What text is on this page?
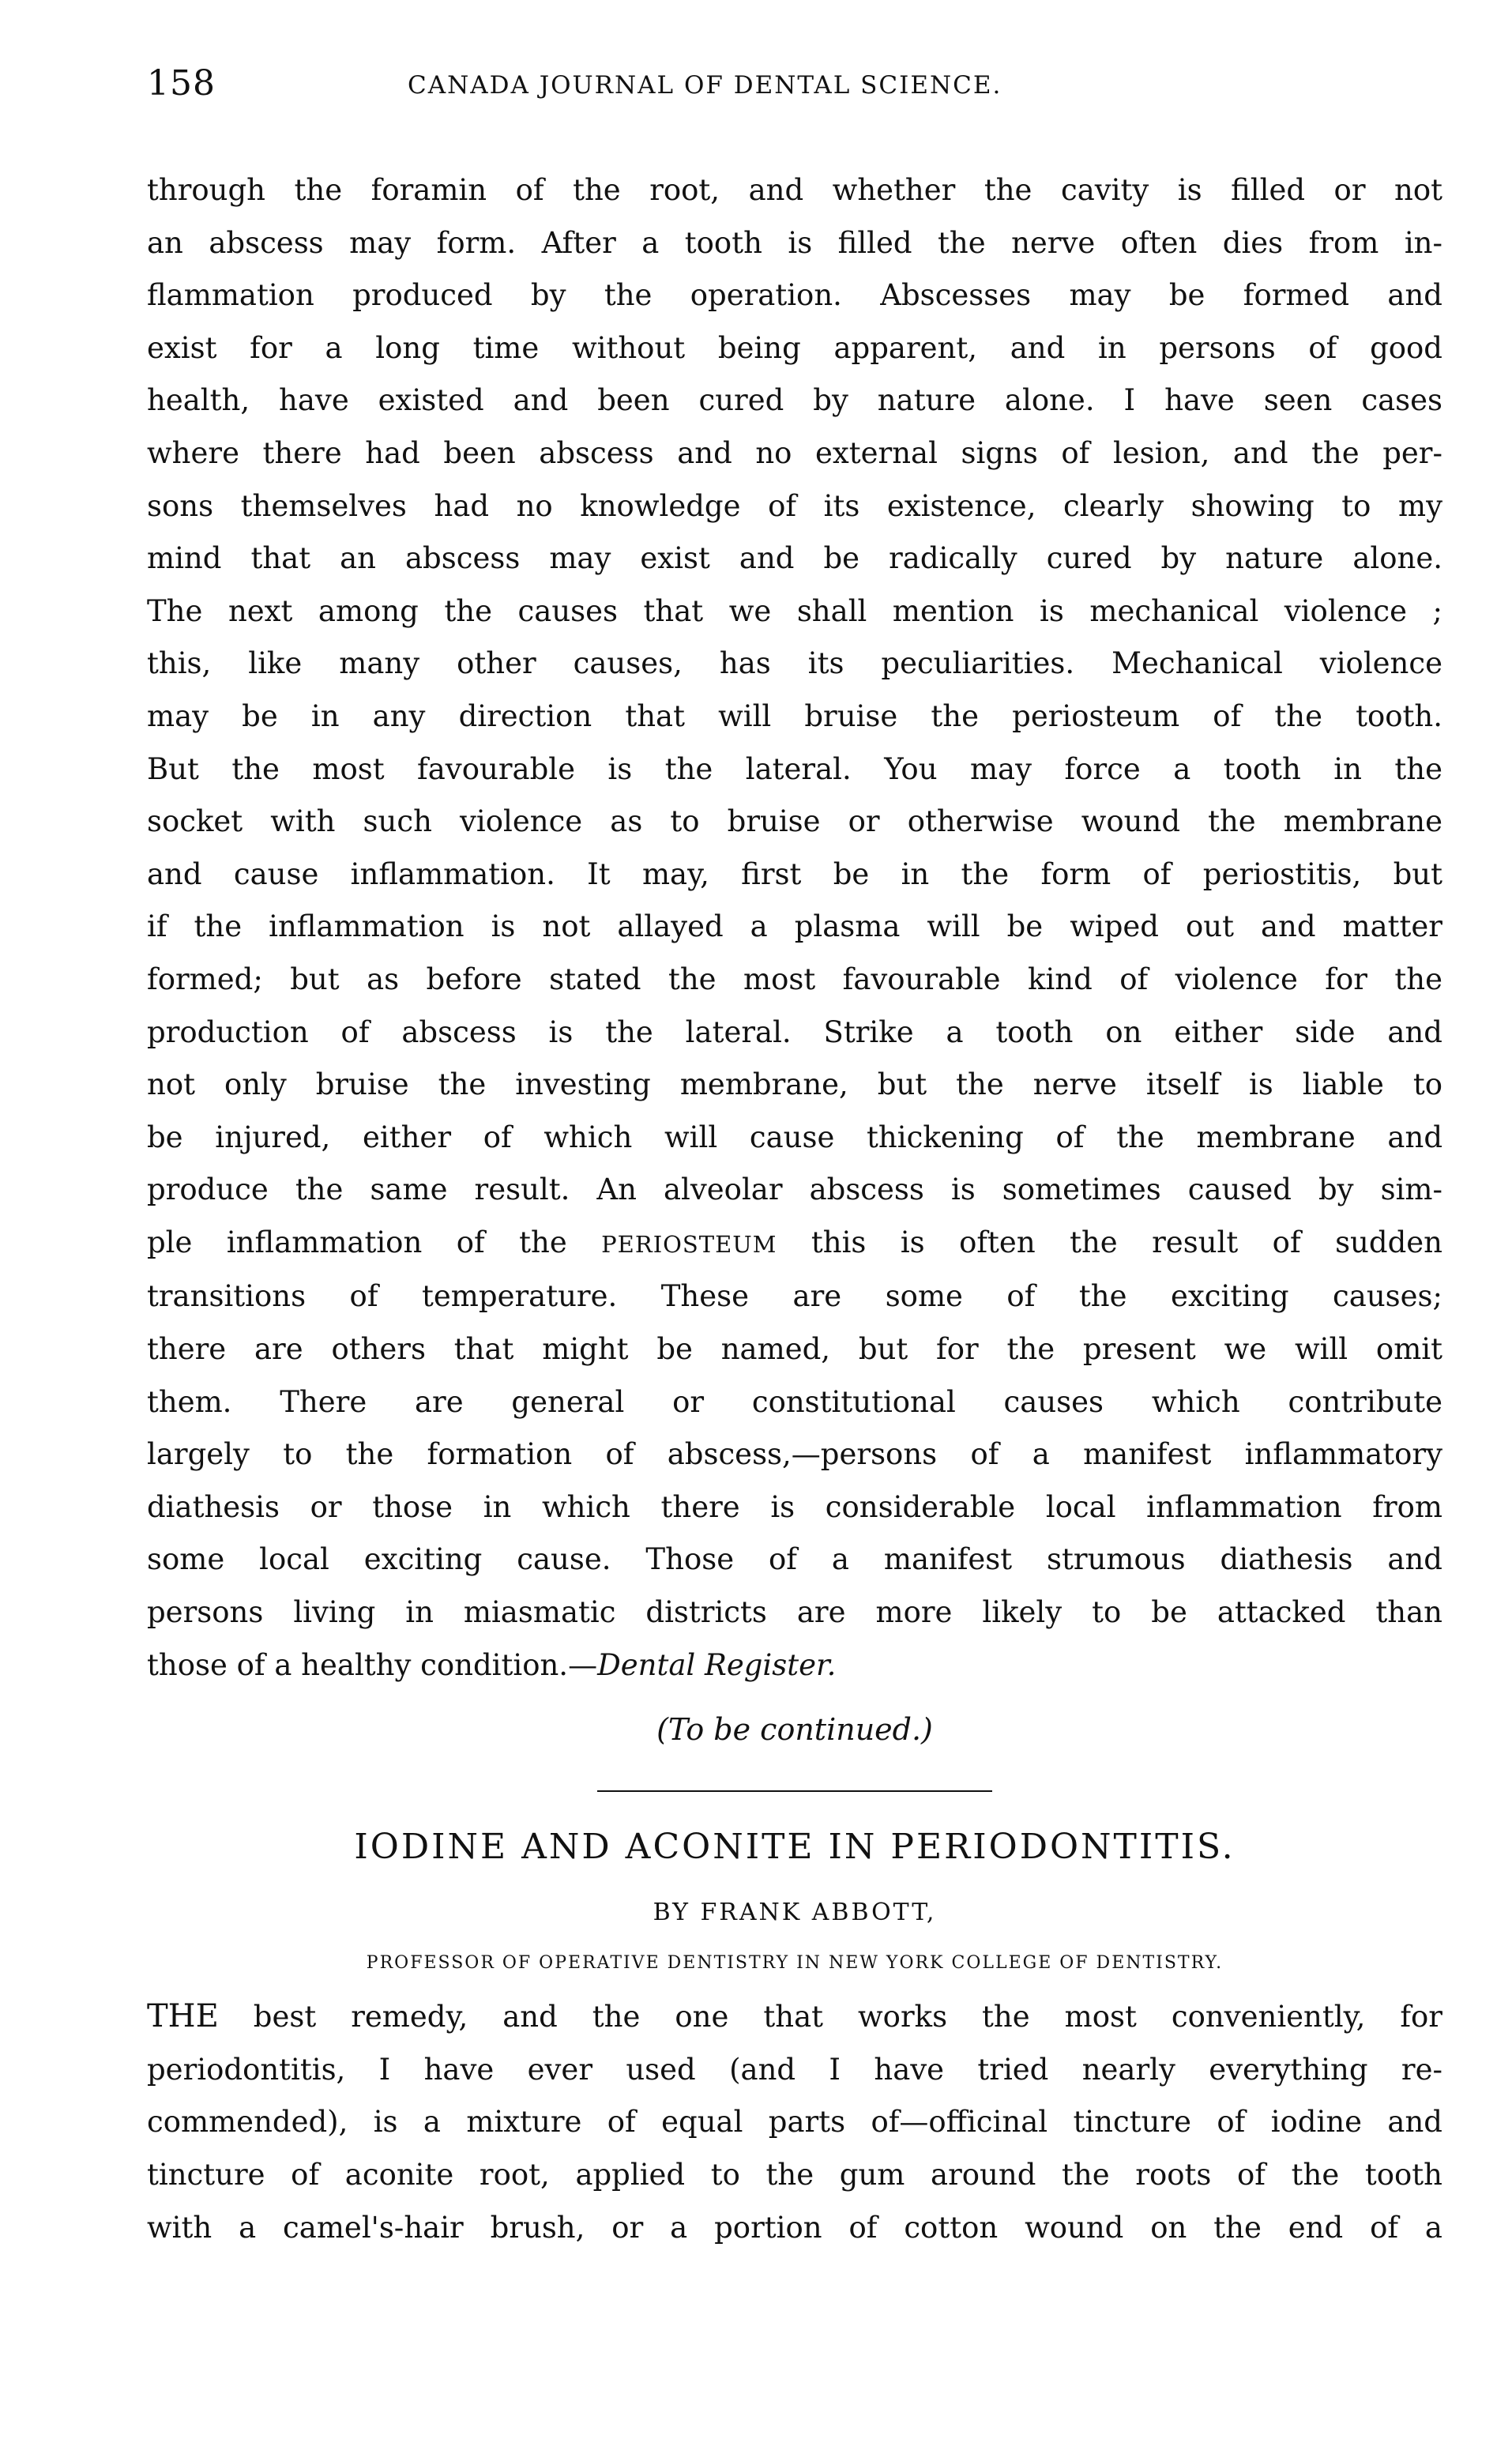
158	CANADA JOURNAL OF DENTAL SCIENCE.
through the foramin of the root, and whether the cavity is filled or not
an abscess may form. After a tooth is filled the nerve often dies from in-
flammation produced by the operation. Abscesses may be formed and
exist for a long time without being apparent, and in persons of good
health, have existed and been cured by nature alone. I have seen cases
where there had been abscess and no external signs of lesion, and the per-
sons themselves had no knowledge of its existence, clearly showing to my
mind that an abscess may exist and be radically cured by nature alone.
The next among the causes that we shall mention is mechanical violence ;
this, like many other causes, has its peculiarities. Mechanical violence
may be in any direction that will bruise the periosteum of the tooth.
But the most favourable is the lateral. You may force a tooth in the
socket with such violence as to bruise or otherwise wound the membrane
and cause inflammation. It may, first be in the form of periostitis, but
if the inflammation is not allayed a plasma will be wiped out and matter
formed; but as before stated the most favourable kind of violence for the
production of abscess is the lateral. Strike a tooth on either side and
not only bruise the investing membrane, but the nerve itself is liable to
be injured, either of which will cause thickening of the membrane and
produce the same result. An alveolar abscess is sometimes caused by sim-
ple inflammation of the PERIOSTEUM this is often the result of sudden
transitions of temperature. These are some of the exciting causes;
there are others that might be named, but for the present we will omit
them. There are general or constitutional causes which contribute
largely to the formation of abscess,—persons of a manifest inflammatory
diathesis or those in which there is considerable local inflammation from
some local exciting cause. Those of a manifest strumous diathesis and
persons living in miasmatic districts are more likely to be attacked than
those of a healthy condition.—Dental Register.
(To be continued.)
IODINE AND ACONITE IN PERIODONTITIS.
BY FRANK ABBOTT,
PROFESSOR OF OPERATIVE DENTISTRY IN NEW YORK COLLEGE OF DENTISTRY.
THE best remedy, and the one that works the most conveniently, for
periodontitis, I have ever used (and I have tried nearly everything re-
commended), is a mixture of equal parts of—officinal tincture of iodine and
tincture of aconite root, applied to the gum around the roots of the tooth
with a camel's-hair brush, or a portion of cotton wound on the end of a
